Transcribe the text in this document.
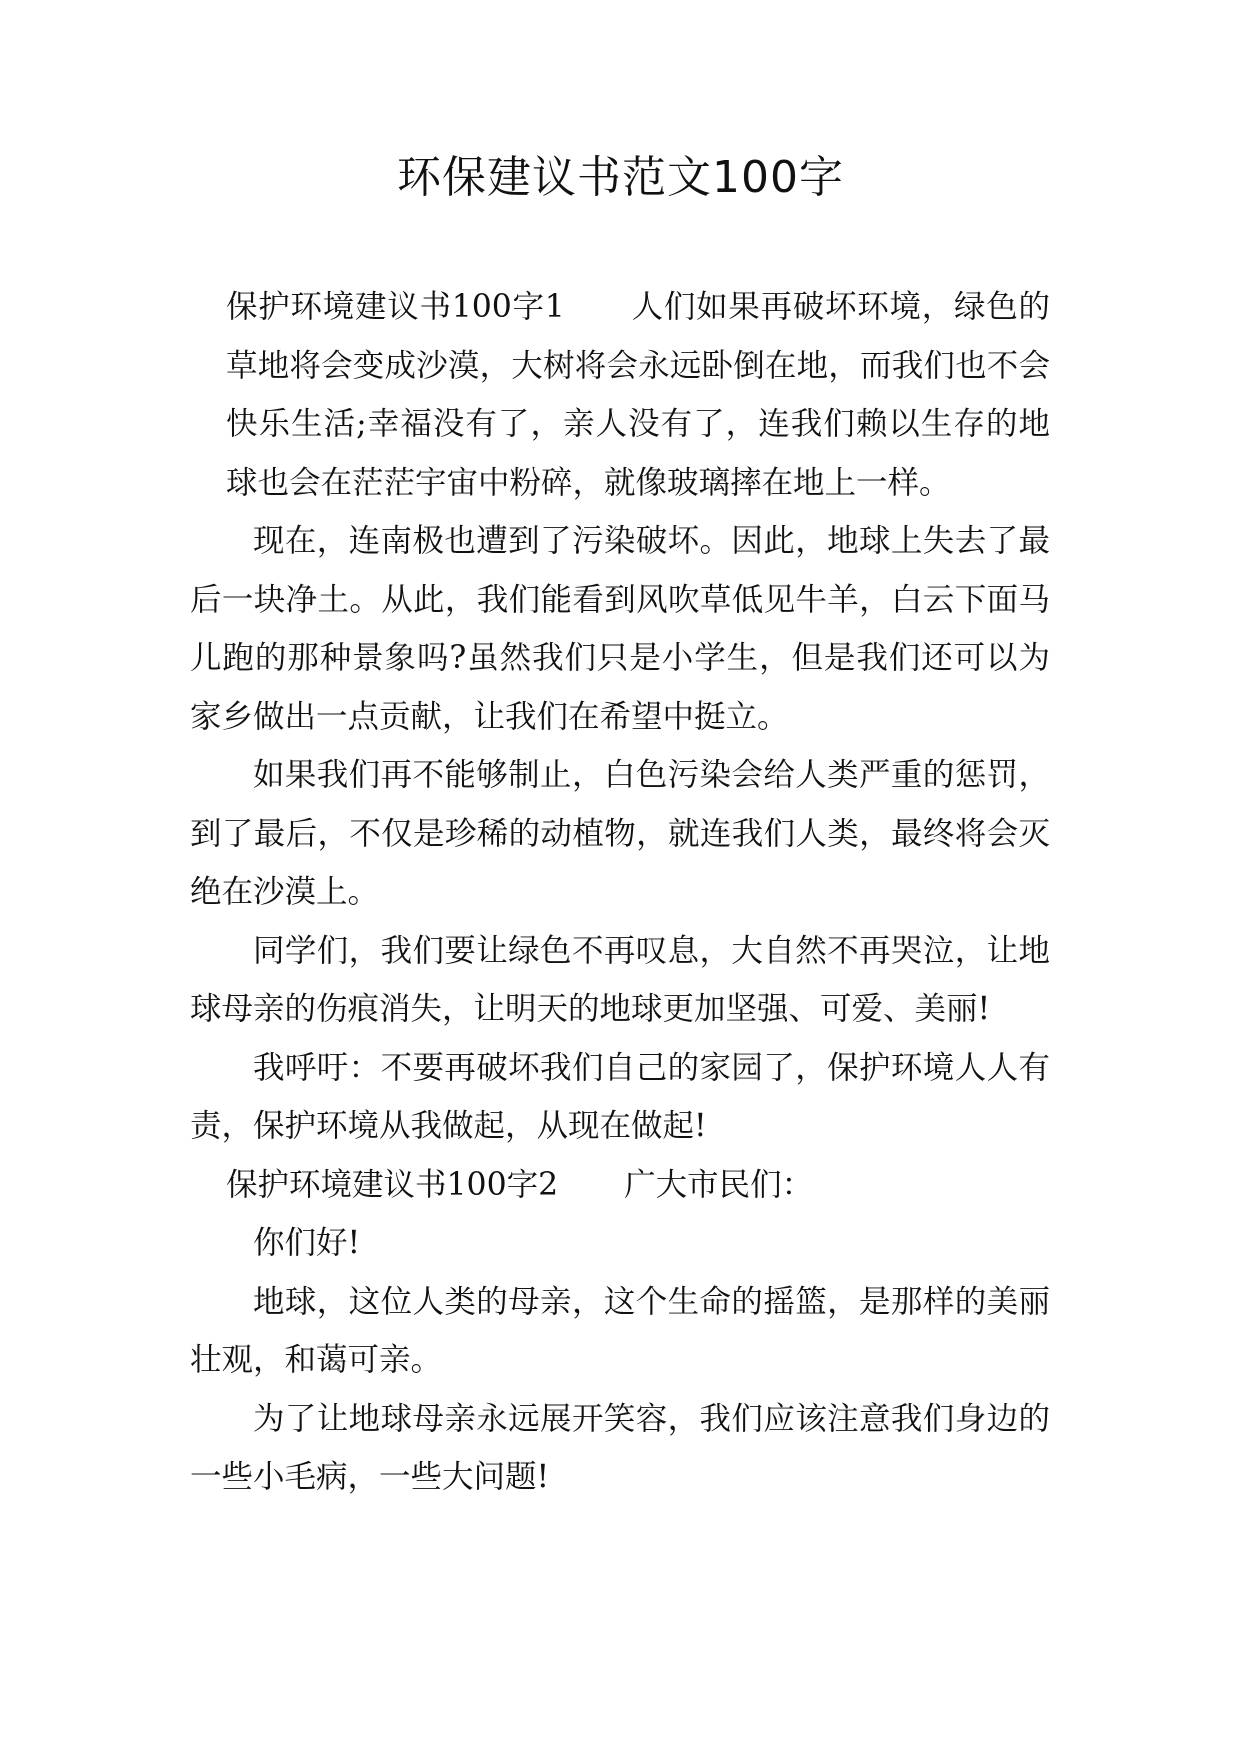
环保建议书范文100字

保护环境建议书100字1 人们如果再破坏环境，绿色的草地将会变成沙漠，大树将会永远卧倒在地，而我们也不会快乐生活;幸福没有了，亲人没有了，连我们赖以生存的地球也会在茫茫宇宙中粉碎，就像玻璃摔在地上一样。

现在，连南极也遭到了污染破坏。因此，地球上失去了最后一块净土。从此，我们能看到风吹草低见牛羊，白云下面马儿跑的那种景象吗?虽然我们只是小学生，但是我们还可以为家乡做出一点贡献，让我们在希望中挺立。

如果我们再不能够制止，白色污染会给人类严重的惩罚，到了最后，不仅是珍稀的动植物，就连我们人类，最终将会灭绝在沙漠上。

同学们，我们要让绿色不再叹息，大自然不再哭泣，让地球母亲的伤痕消失，让明天的地球更加坚强、可爱、美丽!

我呼吁：不要再破坏我们自己的家园了，保护环境人人有责，保护环境从我做起，从现在做起!

保护环境建议书100字2 广大市民们：

你们好!

地球，这位人类的母亲，这个生命的摇篮，是那样的美丽壮观，和蔼可亲。

为了让地球母亲永远展开笑容，我们应该注意我们身边的一些小毛病，一些大问题!
